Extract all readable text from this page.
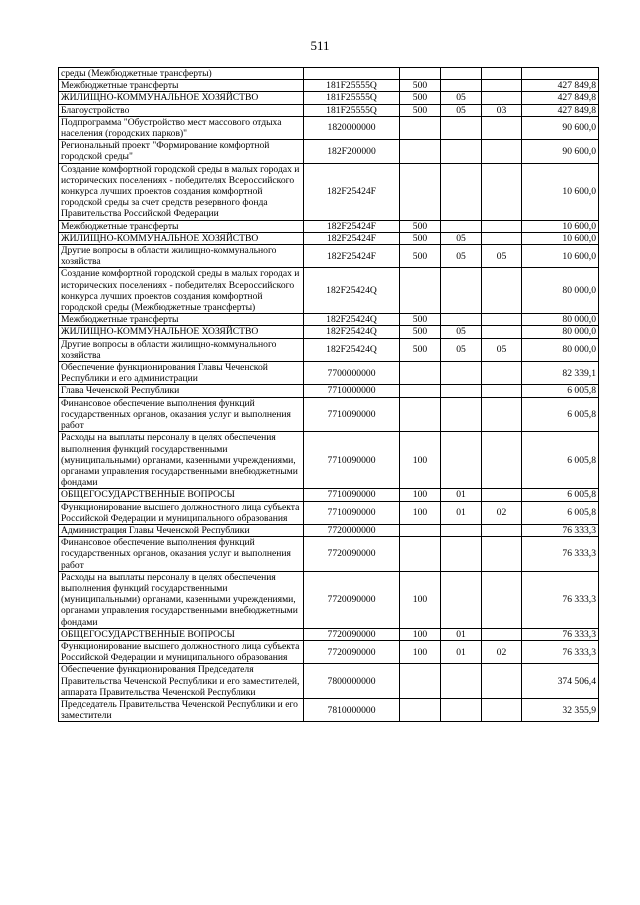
511
среды (Межбюджетные трансферты)					
Межбюджетные трансферты	181F25555Q	500			427 849,8
ЖИЛИЩНО-КОММУНАЛЬНОЕ ХОЗЯЙСТВО	181F25555Q	500	05		427 849,8
Благоустройство	181F25555Q	500	05	03	427 849,8
Подпрограмма "Обустройство мест массового отдыха населения (городских парков)"	1820000000				90 600,0
Региональный проект "Формирование комфортной городской среды"	182F200000				90 600,0
Создание комфортной городской среды в малых городах и исторических поселениях - победителях Всероссийского конкурса лучших проектов создания комфортной городской среды за счет средств резервного фонда Правительства Российской Федерации	182F25424F				10 600,0
Межбюджетные трансферты	182F25424F	500			10 600,0
ЖИЛИЩНО-КОММУНАЛЬНОЕ ХОЗЯЙСТВО	182F25424F	500	05		10 600,0
Другие вопросы в области жилищно-коммунального хозяйства	182F25424F	500	05	05	10 600,0
Создание комфортной городской среды в малых городах и исторических поселениях - победителях Всероссийского конкурса лучших проектов создания комфортной городской среды (Межбюджетные трансферты)	182F25424Q				80 000,0
Межбюджетные трансферты	182F25424Q	500			80 000,0
ЖИЛИЩНО-КОММУНАЛЬНОЕ ХОЗЯЙСТВО	182F25424Q	500	05		80 000,0
Другие вопросы в области жилищно-коммунального хозяйства	182F25424Q	500	05	05	80 000,0
Обеспечение функционирования Главы Чеченской Республики и его администрации	7700000000				82 339,1
Глава Чеченской Республики	7710000000				6 005,8
Финансовое обеспечение выполнения функций государственных органов, оказания услуг и выполнения работ	7710090000				6 005,8
Расходы на выплаты персоналу в целях обеспечения выполнения функций государственными (муниципальными) органами, казенными учреждениями, органами управления государственными внебюджетными фондами	7710090000	100			6 005,8
ОБЩЕГОСУДАРСТВЕННЫЕ ВОПРОСЫ	7710090000	100	01		6 005,8
Функционирование высшего должностного лица субъекта Российской Федерации и муниципального образования	7710090000	100	01	02	6 005,8
Администрация Главы Чеченской Республики	7720000000				76 333,3
Финансовое обеспечение выполнения функций государственных органов, оказания услуг и выполнения работ	7720090000				76 333,3
Расходы на выплаты персоналу в целях обеспечения выполнения функций государственными (муниципальными) органами, казенными учреждениями, органами управления государственными внебюджетными фондами	7720090000	100			76 333,3
ОБЩЕГОСУДАРСТВЕННЫЕ ВОПРОСЫ	7720090000	100	01		76 333,3
Функционирование высшего должностного лица субъекта Российской Федерации и муниципального образования	7720090000	100	01	02	76 333,3
Обеспечение функционирования Председателя Правительства Чеченской Республики и его заместителей, аппарата Правительства Чеченской Республики	7800000000				374 506,4
Председатель Правительства Чеченской Республики и его заместители	7810000000				32 355,9
